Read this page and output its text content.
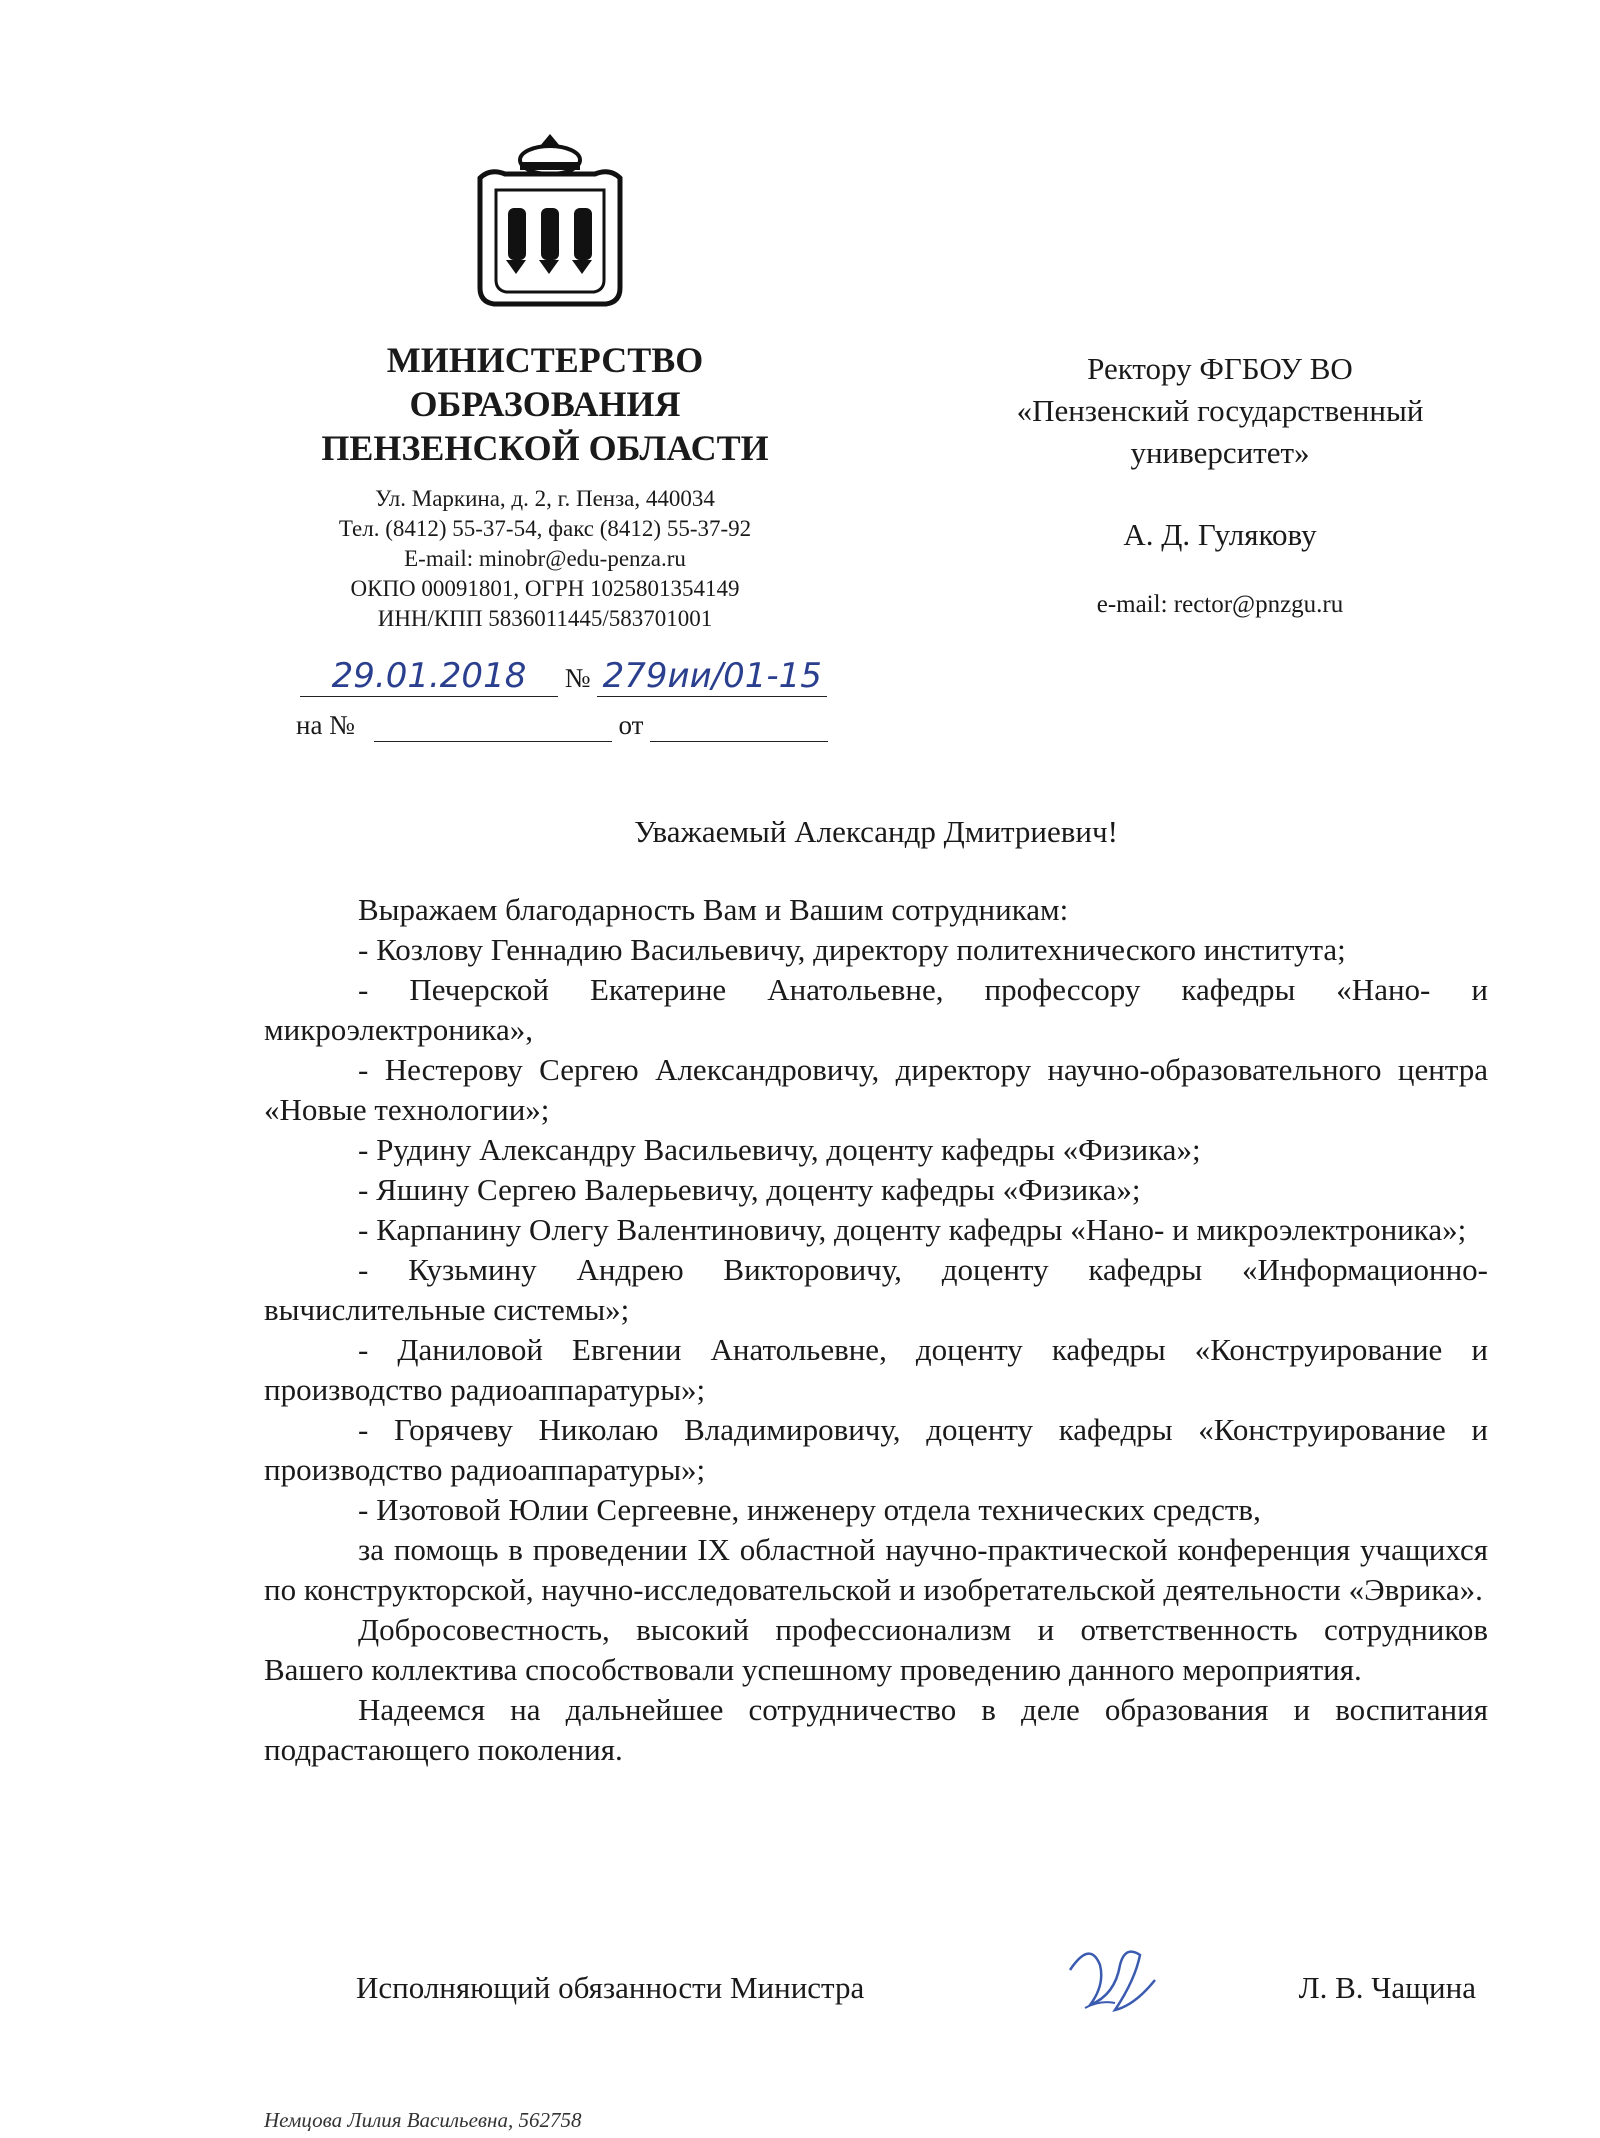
МИНИСТЕРСТВО
ОБРАЗОВАНИЯ
ПЕНЗЕНСКОЙ ОБЛАСТИ
Ул. Маркина, д. 2, г. Пенза, 440034
Тел. (8412) 55-37-54, факс (8412) 55-37-92
E-mail: minobr@edu-penza.ru
ОКПО 00091801, ОГРН 1025801354149
ИНН/КПП 5836011445/583701001
29.01.2018 № 279ии/01-15
на №	от
Ректору ФГБОУ ВО
«Пензенский государственный
университет»
А. Д. Гулякову
e-mail: rector@pnzgu.ru

Уважаемый Александр Дмитриевич!

Выражаем благодарность Вам и Вашим сотрудникам:

- Козлову Геннадию Васильевичу, директору политехнического института;

- Печерской Екатерине Анатольевне, профессору кафедры «Нано- и микроэлектроника»,

- Нестерову Сергею Александровичу, директору научно-образовательного центра «Новые технологии»;

- Рудину Александру Васильевичу, доценту кафедры «Физика»;

- Яшину Сергею Валерьевичу, доценту кафедры «Физика»;

- Карпанину Олегу Валентиновичу, доценту кафедры «Нано- и микроэлектроника»;

- Кузьмину Андрею Викторовичу, доценту кафедры «Информационно-вычислительные системы»;

- Даниловой Евгении Анатольевне, доценту кафедры «Конструирование и производство радиоаппаратуры»;

- Горячеву Николаю Владимировичу, доценту кафедры «Конструирование и производство радиоаппаратуры»;

- Изотовой Юлии Сергеевне, инженеру отдела технических средств,

за помощь в проведении IX областной научно-практической конференция учащихся по конструкторской, научно-исследовательской и изобретательской деятельности «Эврика».

Добросовестность, высокий профессионализм и ответственность сотрудников Вашего коллектива способствовали успешному проведению данного мероприятия.

Надеемся на дальнейшее сотрудничество в деле образования и воспитания подрастающего поколения.

Исполняющий обязанности Министра	Л. В. Чащина
Немцова Лилия Васильевна, 562758
